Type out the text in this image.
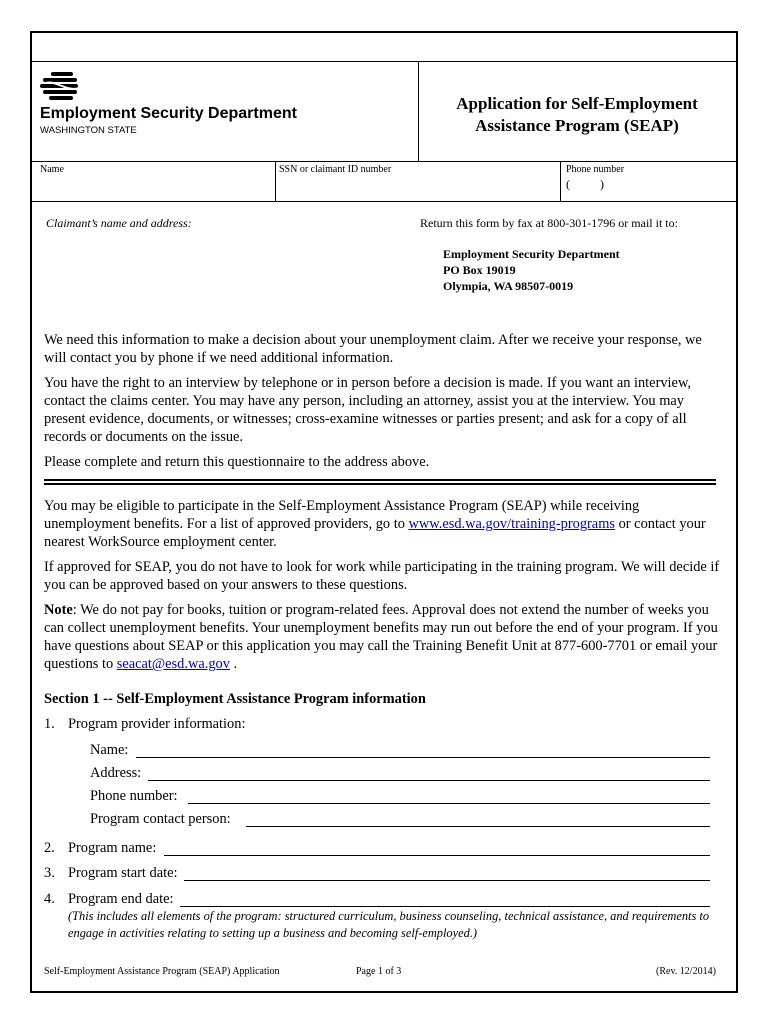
Employment Security Department
WASHINGTON STATE
Application for Self-Employment
Assistance Program (SEAP)
Name	SSN or claimant ID number	Phone number
(          )
Claimant’s name and address:	Return this form by fax at 800-301-1796 or mail it to:
Employment Security Department
PO Box 19019
Olympia, WA 98507-0019

We need this information to make a decision about your unemployment claim. After we receive your response, we will contact you by phone if we need additional information.

You have the right to an interview by telephone or in person before a decision is made. If you want an interview, contact the claims center. You may have any person, including an attorney, assist you at the interview. You may present evidence, documents, or witnesses; cross-examine witnesses or parties present; and ask for a copy of all records or documents on the issue.

Please complete and return this questionnaire to the address above.

You may be eligible to participate in the Self-Employment Assistance Program (SEAP) while receiving unemployment benefits. For a list of approved providers, go to www.esd.wa.gov/training-programs or contact your nearest WorkSource employment center.

If approved for SEAP, you do not have to look for work while participating in the training program. We will decide if you can be approved based on your answers to these questions.

Note: We do not pay for books, tuition or program-related fees. Approval does not extend the number of weeks you can collect unemployment benefits. Your unemployment benefits may run out before the end of your program. If you have questions about SEAP or this application you may call the Training Benefit Unit at 877-600-7701 or email your questions to seacat@esd.wa.gov .

Section 1 -- Self-Employment Assistance Program information
1. Program provider information:
Name:
Address:
Phone number:
Program contact person:
2. Program name:
3. Program start date:
4. Program end date:
(This includes all elements of the program: structured curriculum, business counseling, technical assistance, and requirements to engage in activities relating to setting up a business and becoming self-employed.)
Self-Employment Assistance Program (SEAP) Application	Page 1 of 3	(Rev. 12/2014)
